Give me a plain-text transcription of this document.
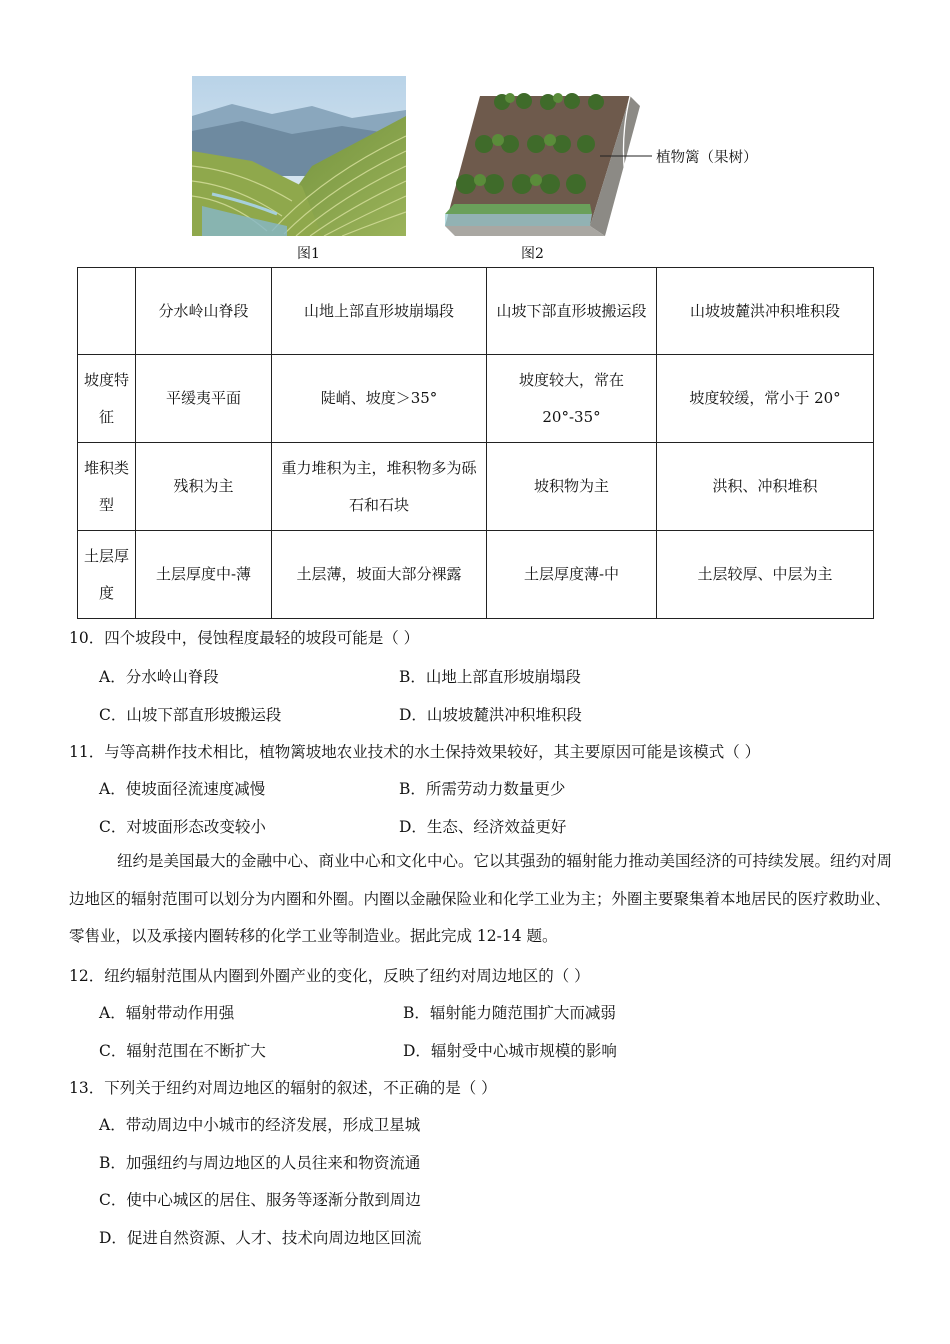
图1
植物篱（果树）
图2
	分水岭山脊段	山地上部直形坡崩塌段	山坡下部直形坡搬运段	山坡坡麓洪冲积堆积段
坡度特征	平缓夷平面	陡峭、坡度＞35°	坡度较大，常在20°-35°	坡度较缓，常小于 20°
堆积类型	残积为主	重力堆积为主，堆积物多为砾石和石块	坡积物为主	洪积、冲积堆积
土层厚度	土层厚度中-薄	土层薄，坡面大部分裸露	土层厚度薄-中	土层较厚、中层为主
10．四个坡段中，侵蚀程度最轻的坡段可能是（ ）
A．分水岭山脊段	B．山地上部直形坡崩塌段
C．山坡下部直形坡搬运段	D．山坡坡麓洪冲积堆积段
11．与等高耕作技术相比，植物篱坡地农业技术的水土保持效果较好，其主要原因可能是该模式（ ）
A．使坡面径流速度减慢	B．所需劳动力数量更少
C．对坡面形态改变较小	D．生态、经济效益更好
纽约是美国最大的金融中心、商业中心和文化中心。它以其强劲的辐射能力推动美国经济的可持续发展。纽约对周边地区的辐射范围可以划分为内圈和外圈。内圈以金融保险业和化学工业为主；外圈主要聚集着本地居民的医疗救助业、零售业，以及承接内圈转移的化学工业等制造业。据此完成 12-14 题。
12．纽约辐射范围从内圈到外圈产业的变化，反映了纽约对周边地区的（ ）
A．辐射带动作用强	B．辐射能力随范围扩大而减弱
C．辐射范围在不断扩大	D．辐射受中心城市规模的影响
13．下列关于纽约对周边地区的辐射的叙述，不正确的是（ ）
A．带动周边中小城市的经济发展，形成卫星城
B．加强纽约与周边地区的人员往来和物资流通
C．使中心城区的居住、服务等逐渐分散到周边
D．促进自然资源、人才、技术向周边地区回流
